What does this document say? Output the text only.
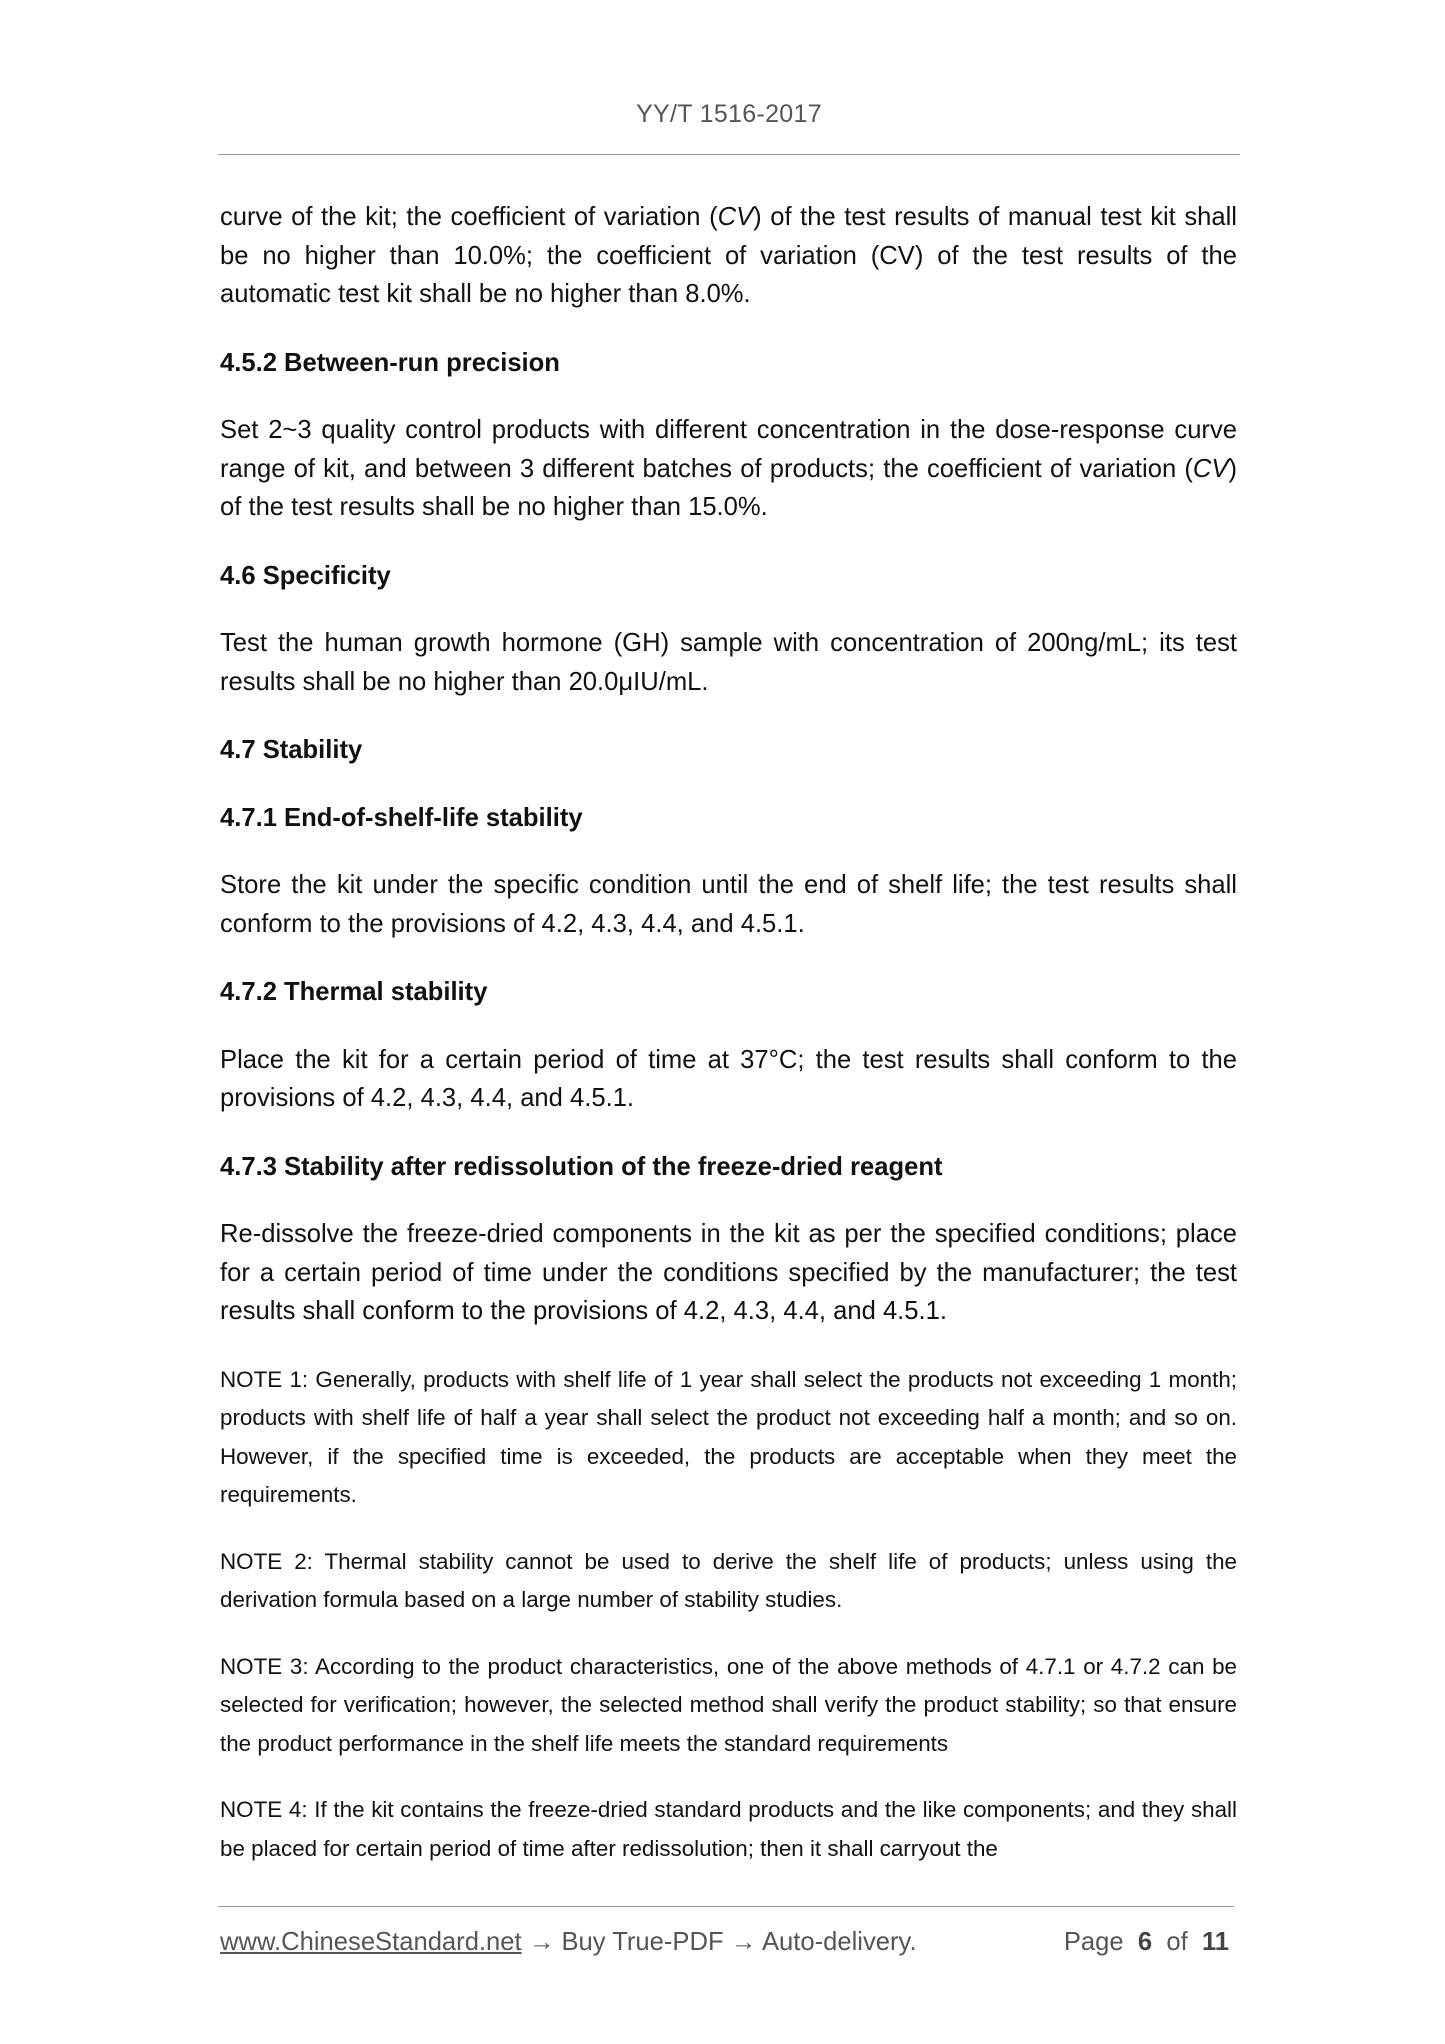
YY/T 1516-2017

curve of the kit; the coefficient of variation (CV) of the test results of manual test kit shall be no higher than 10.0%; the coefficient of variation (CV) of the test results of the automatic test kit shall be no higher than 8.0%.

4.5.2 Between-run precision

Set 2~3 quality control products with different concentration in the dose-response curve range of kit, and between 3 different batches of products; the coefficient of variation (CV) of the test results shall be no higher than 15.0%.

4.6 Specificity

Test the human growth hormone (GH) sample with concentration of 200ng/mL; its test results shall be no higher than 20.0μIU/mL.

4.7 Stability
4.7.1 End-of-shelf-life stability

Store the kit under the specific condition until the end of shelf life; the test results shall conform to the provisions of 4.2, 4.3, 4.4, and 4.5.1.

4.7.2 Thermal stability

Place the kit for a certain period of time at 37°C; the test results shall conform to the provisions of 4.2, 4.3, 4.4, and 4.5.1.

4.7.3 Stability after redissolution of the freeze-dried reagent

Re-dissolve the freeze-dried components in the kit as per the specified conditions; place for a certain period of time under the conditions specified by the manufacturer; the test results shall conform to the provisions of 4.2, 4.3, 4.4, and 4.5.1.

NOTE 1: Generally, products with shelf life of 1 year shall select the products not exceeding 1 month; products with shelf life of half a year shall select the product not exceeding half a month; and so on. However, if the specified time is exceeded, the products are acceptable when they meet the requirements.

NOTE 2: Thermal stability cannot be used to derive the shelf life of products; unless using the derivation formula based on a large number of stability studies.

NOTE 3: According to the product characteristics, one of the above methods of 4.7.1 or 4.7.2 can be selected for verification; however, the selected method shall verify the product stability; so that ensure the product performance in the shelf life meets the standard requirements

NOTE 4: If the kit contains the freeze-dried standard products and the like components; and they shall be placed for certain period of time after redissolution; then it shall carryout the

www.ChineseStandard.net → Buy True-PDF → Auto-delivery.	Page 6 of 11
